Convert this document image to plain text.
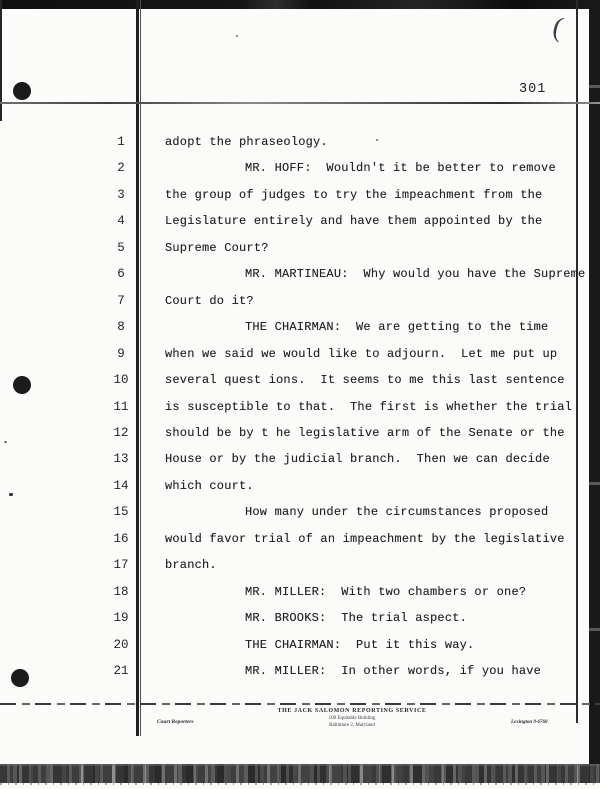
(
301
1	adopt the phraseology.
2	MR. HOFF:  Wouldn't it be better to remove
3	the group of judges to try the impeachment from the
4	Legislature entirely and have them appointed by the
5	Supreme Court?
6	MR. MARTINEAU:  Why would you have the Supreme
7	Court do it?
8	THE CHAIRMAN:  We are getting to the time
9	when we said we would like to adjourn.  Let me put up
10	several quest ions.  It seems to me this last sentence
11	is susceptible to that.  The first is whether the trial
12	should be by t he legislative arm of the Senate or the
13	House or by the judicial branch.  Then we can decide
14	which court.
15	How many under the circumstances proposed
16	would favor trial of an impeachment by the legislative
17	branch.
18	MR. MILLER:  With two chambers or one?
19	MR. BROOKS:  The trial aspect.
20	THE CHAIRMAN:  Put it this way.
21	MR. MILLER:  In other words, if you have
Court Reporters
THE JACK SALOMON REPORTING SERVICE
100 Equitable Building
Baltimore 2, Maryland
Lexington 9-6760
